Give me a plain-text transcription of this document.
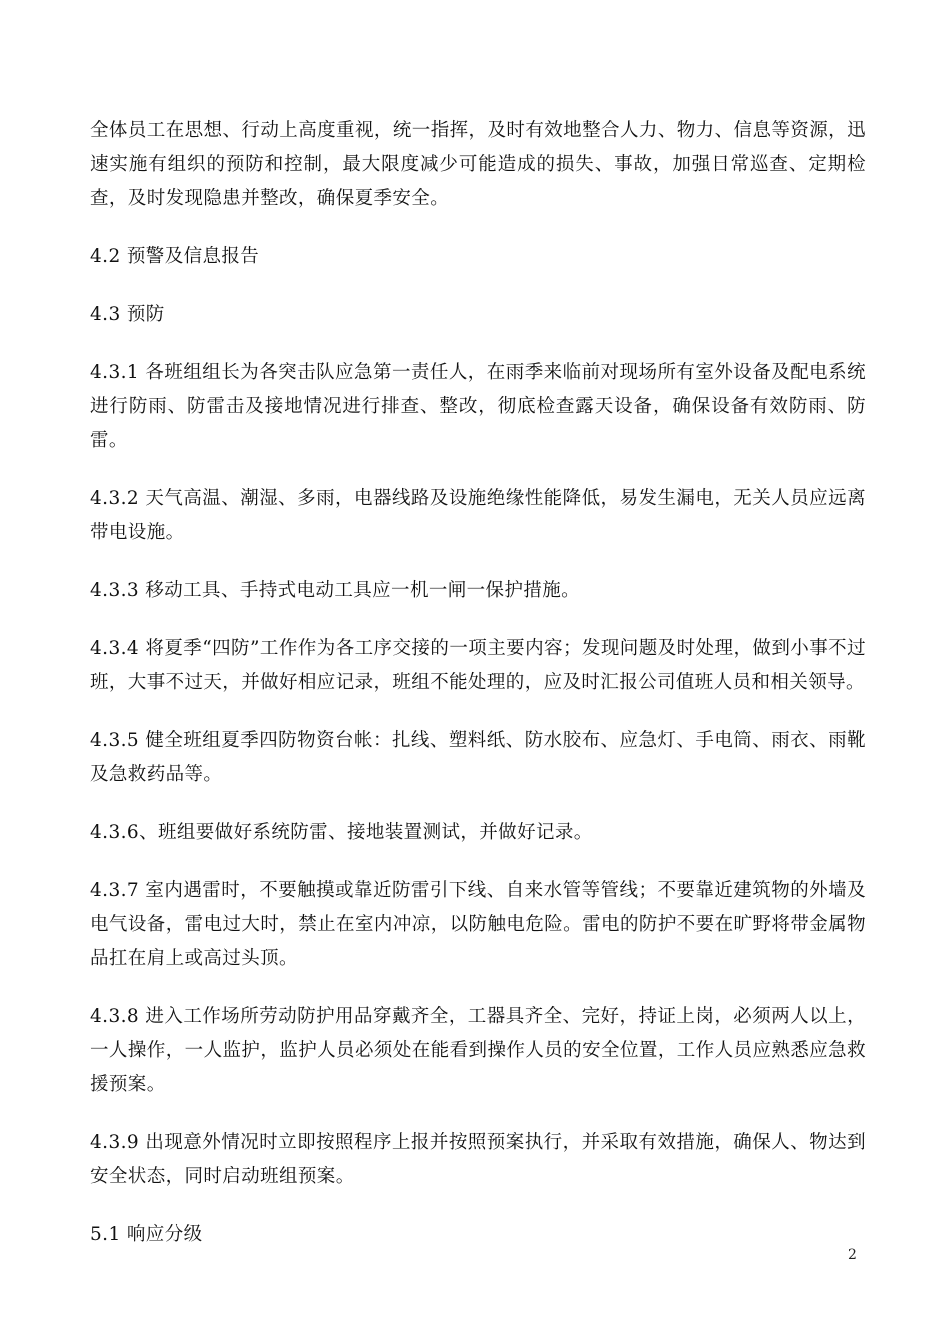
全体员工在思想、行动上高度重视，统一指挥，及时有效地整合人力、物力、信息等资源，迅速实施有组织的预防和控制，最大限度减少可能造成的损失、事故，加强日常巡查、定期检查，及时发现隐患并整改，确保夏季安全。

4.2 预警及信息报告

4.3 预防

4.3.1 各班组组长为各突击队应急第一责任人，在雨季来临前对现场所有室外设备及配电系统进行防雨、防雷击及接地情况进行排查、整改，彻底检查露天设备，确保设备有效防雨、防雷。

4.3.2 天气高温、潮湿、多雨，电器线路及设施绝缘性能降低，易发生漏电，无关人员应远离带电设施。

4.3.3 移动工具、手持式电动工具应一机一闸一保护措施。

4.3.4 将夏季“四防”工作作为各工序交接的一项主要内容；发现问题及时处理，做到小事不过班，大事不过天，并做好相应记录，班组不能处理的，应及时汇报公司值班人员和相关领导。

4.3.5 健全班组夏季四防物资台帐：扎线、塑料纸、防水胶布、应急灯、手电筒、雨衣、雨靴及急救药品等。

4.3.6、班组要做好系统防雷、接地装置测试，并做好记录。

4.3.7 室内遇雷时，不要触摸或靠近防雷引下线、自来水管等管线；不要靠近建筑物的外墙及电气设备，雷电过大时，禁止在室内冲凉，以防触电危险。雷电的防护不要在旷野将带金属物品扛在肩上或高过头顶。

4.3.8 进入工作场所劳动防护用品穿戴齐全，工器具齐全、完好，持证上岗，必须两人以上，一人操作，一人监护，监护人员必须处在能看到操作人员的安全位置，工作人员应熟悉应急救援预案。

4.3.9 出现意外情况时立即按照程序上报并按照预案执行，并采取有效措施，确保人、物达到安全状态，同时启动班组预案。

5.1 响应分级

2
